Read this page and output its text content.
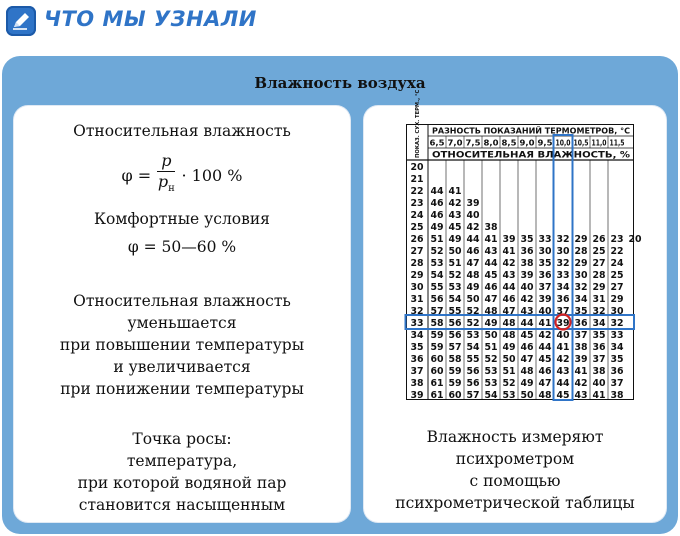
ЧТО МЫ УЗНАЛИ
Влажность воздуха
Относительная влажность
$\varphi = \frac{p}{p_н} \cdot 100$ %
Комфортные условия
φ = 50—60 %
Относительная влажность
уменьшается
при повышении температуры
и увеличивается
при понижении температуры
Точка росы:
температура,
при которой водяной пар
становится насыщенным
ПОКАЗ. СУХ. ТЕРМ., °С РАЗНОСТЬ ПОКАЗАНИЙ ТЕРМОМЕТРОВ, °С
6,5 7,0 7,5 8,0 8,5 9,0 9,5 10,0 10,5 11,0 11,5
ОТНОСИТЕЛЬНАЯ ВЛАЖНОСТЬ, %
20
21
22 44 41
23 46 42 39
24 46 43 40
25 49 45 42 38
26 51 49 44 41 39 35 33 32 29 26 23 20
27 52 50 46 43 41 36 30 30 28 25 22
28 53 51 47 44 42 38 35 32 29 27 24
29 54 52 48 45 43 39 36 33 30 28 25
30 55 53 49 46 44 40 37 34 32 29 27
31 56 54 50 47 46 42 39 36 34 31 29
32 57 55 52 48 47 43 40 37 35 32 30
33 58 56 52 49 48 44 41 39 36 34 32
34 59 56 53 50 48 45 42 40 37 35 33
35 59 57 54 51 49 46 44 41 38 36 34
36 60 58 55 52 50 47 45 42 39 37 35
37 60 59 56 53 51 48 46 43 41 38 36
38 61 59 56 53 52 49 47 44 42 40 37
39 61 60 57 54 53 50 48 45 43 41 38
Влажность измеряют
психрометром
с помощью
психрометрической таблицы
